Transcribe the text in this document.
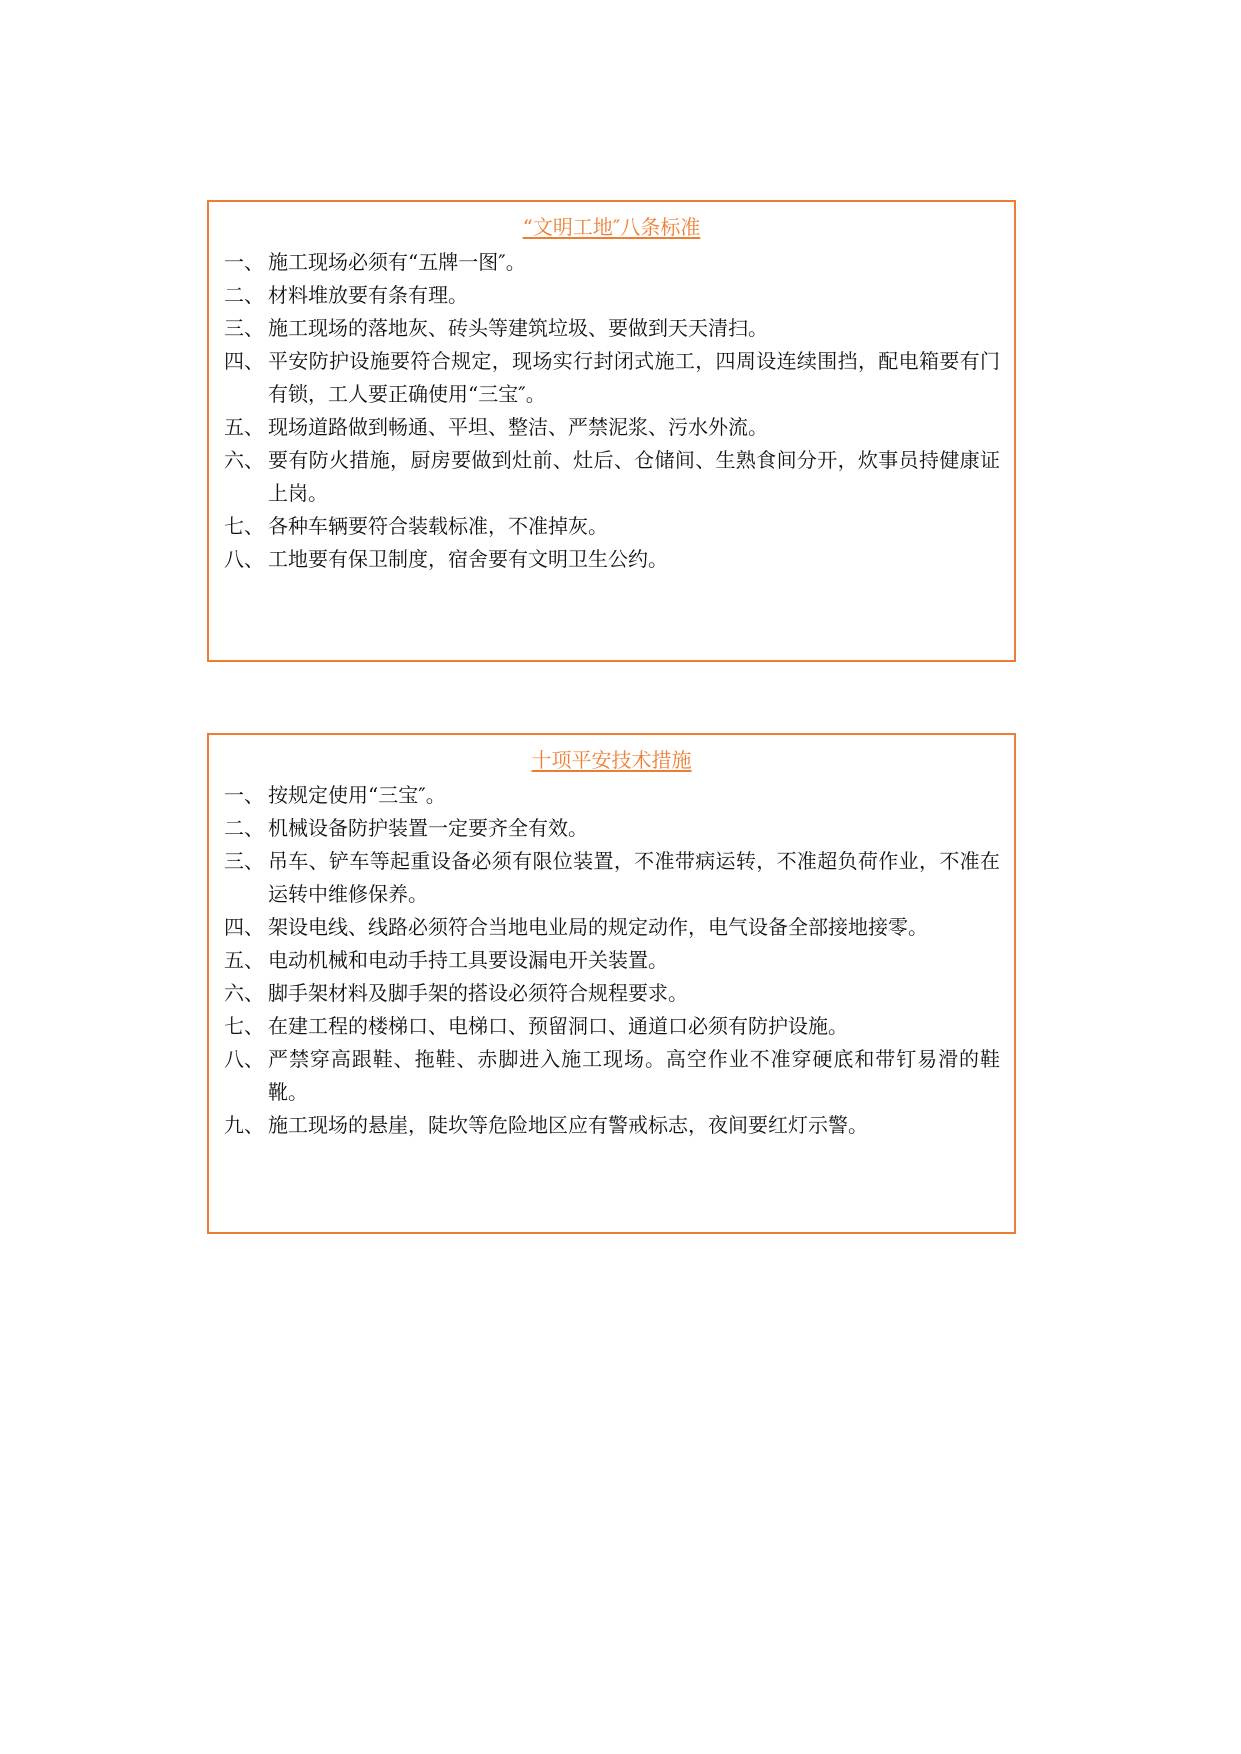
“文明工地″八条标准
一、 施工现场必须有“五牌一图″。
二、 材料堆放要有条有理。
三、 施工现场的落地灰、砖头等建筑垃圾、要做到天天清扫。
四、 平安防护设施要符合规定，现场实行封闭式施工，四周设连续围挡，配电箱要有门有锁，工人要正确使用“三宝″。
五、 现场道路做到畅通、平坦、整洁、严禁泥浆、污水外流。
六、 要有防火措施，厨房要做到灶前、灶后、仓储间、生熟食间分开，炊事员持健康证上岗。
七、 各种车辆要符合装载标准，不准掉灰。
八、 工地要有保卫制度，宿舍要有文明卫生公约。
十项平安技术措施
一、 按规定使用“三宝″。
二、 机械设备防护装置一定要齐全有效。
三、 吊车、铲车等起重设备必须有限位装置，不准带病运转，不准超负荷作业，不准在运转中维修保养。
四、 架设电线、线路必须符合当地电业局的规定动作，电气设备全部接地接零。
五、 电动机械和电动手持工具要设漏电开关装置。
六、 脚手架材料及脚手架的搭设必须符合规程要求。
七、 在建工程的楼梯口、电梯口、预留洞口、通道口必须有防护设施。
八、 严禁穿高跟鞋、拖鞋、赤脚进入施工现场。高空作业不准穿硬底和带钉易滑的鞋靴。
九、 施工现场的悬崖，陡坎等危险地区应有警戒标志，夜间要红灯示警。
